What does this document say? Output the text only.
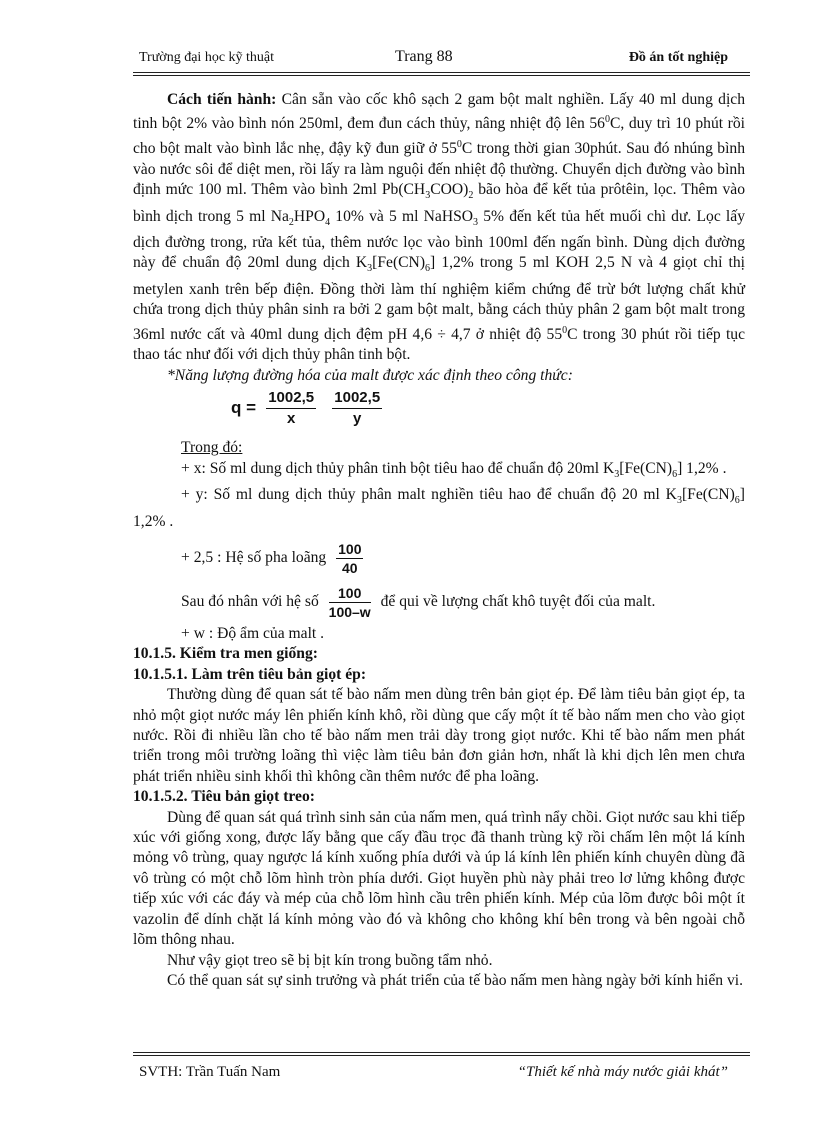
Trường đại học kỹ thuật	Trang 88	Đồ án tốt nghiệp

Cách tiến hành: Cân sẵn vào cốc khô sạch 2 gam bột malt nghiền. Lấy 40 ml dung dịch tinh bột 2% vào bình nón 250ml, đem đun cách thủy, nâng nhiệt độ lên $56^0C$, duy trì 10 phút rồi cho bột malt vào bình lắc nhẹ, đậy kỹ đun giữ ở $55^0C$ trong thời gian 30phút. Sau đó nhúng bình vào nước sôi để diệt men, rồi lấy ra làm nguội đến nhiệt độ thường. Chuyển dịch đường vào bình định mức 100 ml. Thêm vào bình 2ml $Pb(CH_3COO)_2$ bão hòa để kết tủa prôtêin, lọc. Thêm vào bình dịch trong 5 ml $Na_2HPO_4$ 10% và 5 ml NaHSO$_3$ 5% đến kết tủa hết muối chì dư. Lọc lấy dịch đường trong, rửa kết tủa, thêm nước lọc vào bình 100ml đến ngấn bình. Dùng dịch đường này để chuẩn độ 20ml dung dịch $K_3[Fe(CN)_6]$ 1,2% trong 5 ml KOH 2,5 N và 4 giọt chỉ thị metylen xanh trên bếp điện. Đồng thời làm thí nghiệm kiểm chứng để trừ bớt lượng chất khử chứa trong dịch thủy phân sinh ra bởi 2 gam bột malt, bằng cách thủy phân 2 gam bột malt trong 36ml nước cất và 40ml dung dịch đệm pH 4,6 ÷ 4,7 ở nhiệt độ $55^0C$ trong 30 phút rồi tiếp tục thao tác như đối với dịch thủy phân tinh bột.

*Năng lượng đường hóa của malt được xác định theo công thức:

$q = \frac{1002,5}{x}$
$\frac{1002,5}{y}$

Trong đó:

+ x: Số ml dung dịch thủy phân tinh bột tiêu hao để chuẩn độ 20ml $K_3[Fe(CN)_6]$ 1,2% .

+ y: Số ml dung dịch thủy phân malt nghiền tiêu hao để chuẩn độ 20 ml $K_3[Fe(CN)_6]$ 1,2% .

+ 2,5 : Hệ số pha loãng $\frac{100}{40}$

Sau đó nhân với hệ số $\frac{100}{100-w}$ để qui về lượng chất khô tuyệt đối của malt.

+ w : Độ ẩm của malt .

10.1.5. Kiểm tra men giống:

10.1.5.1. Làm trên tiêu bản giọt ép:

Thường dùng để quan sát tế bào nấm men dùng trên bản giọt ép. Để làm tiêu bản giọt ép, ta nhỏ một giọt nước máy lên phiến kính khô, rồi dùng que cấy một ít tế bào nấm men cho vào giọt nước. Rồi đi nhiều lần cho tế bào nấm men trải dày trong giọt nước. Khi tế bào nấm men phát triển trong môi trường loãng thì việc làm tiêu bản đơn giản hơn, nhất là khi dịch lên men chưa phát triển nhiều sinh khối thì không cần thêm nước để pha loãng.

10.1.5.2. Tiêu bản giọt treo:

Dùng để quan sát quá trình sinh sản của nấm men, quá trình nẩy chồi. Giọt nước sau khi tiếp xúc với giống xong, được lấy bằng que cấy đầu trọc đã thanh trùng kỹ rồi chấm lên một lá kính mỏng vô trùng, quay ngược lá kính xuống phía dưới và úp lá kính lên phiến kính chuyên dùng đã vô trùng có một chỗ lõm hình tròn phía dưới. Giọt huyền phù này phải treo lơ lửng không được tiếp xúc với các đáy và mép của chỗ lõm hình cầu trên phiến kính. Mép của lõm được bôi một ít vazolin để dính chặt lá kính mỏng vào đó và không cho không khí bên trong và bên ngoài chỗ lõm thông nhau.

Như vậy giọt treo sẽ bị bịt kín trong buồng tẩm nhỏ.

Có thể quan sát sự sinh trưởng và phát triển của tế bào nấm men hàng ngày bởi kính hiển vi.

SVTH: Trần Tuấn Nam	“Thiết kế nhà máy nước giải khát”
